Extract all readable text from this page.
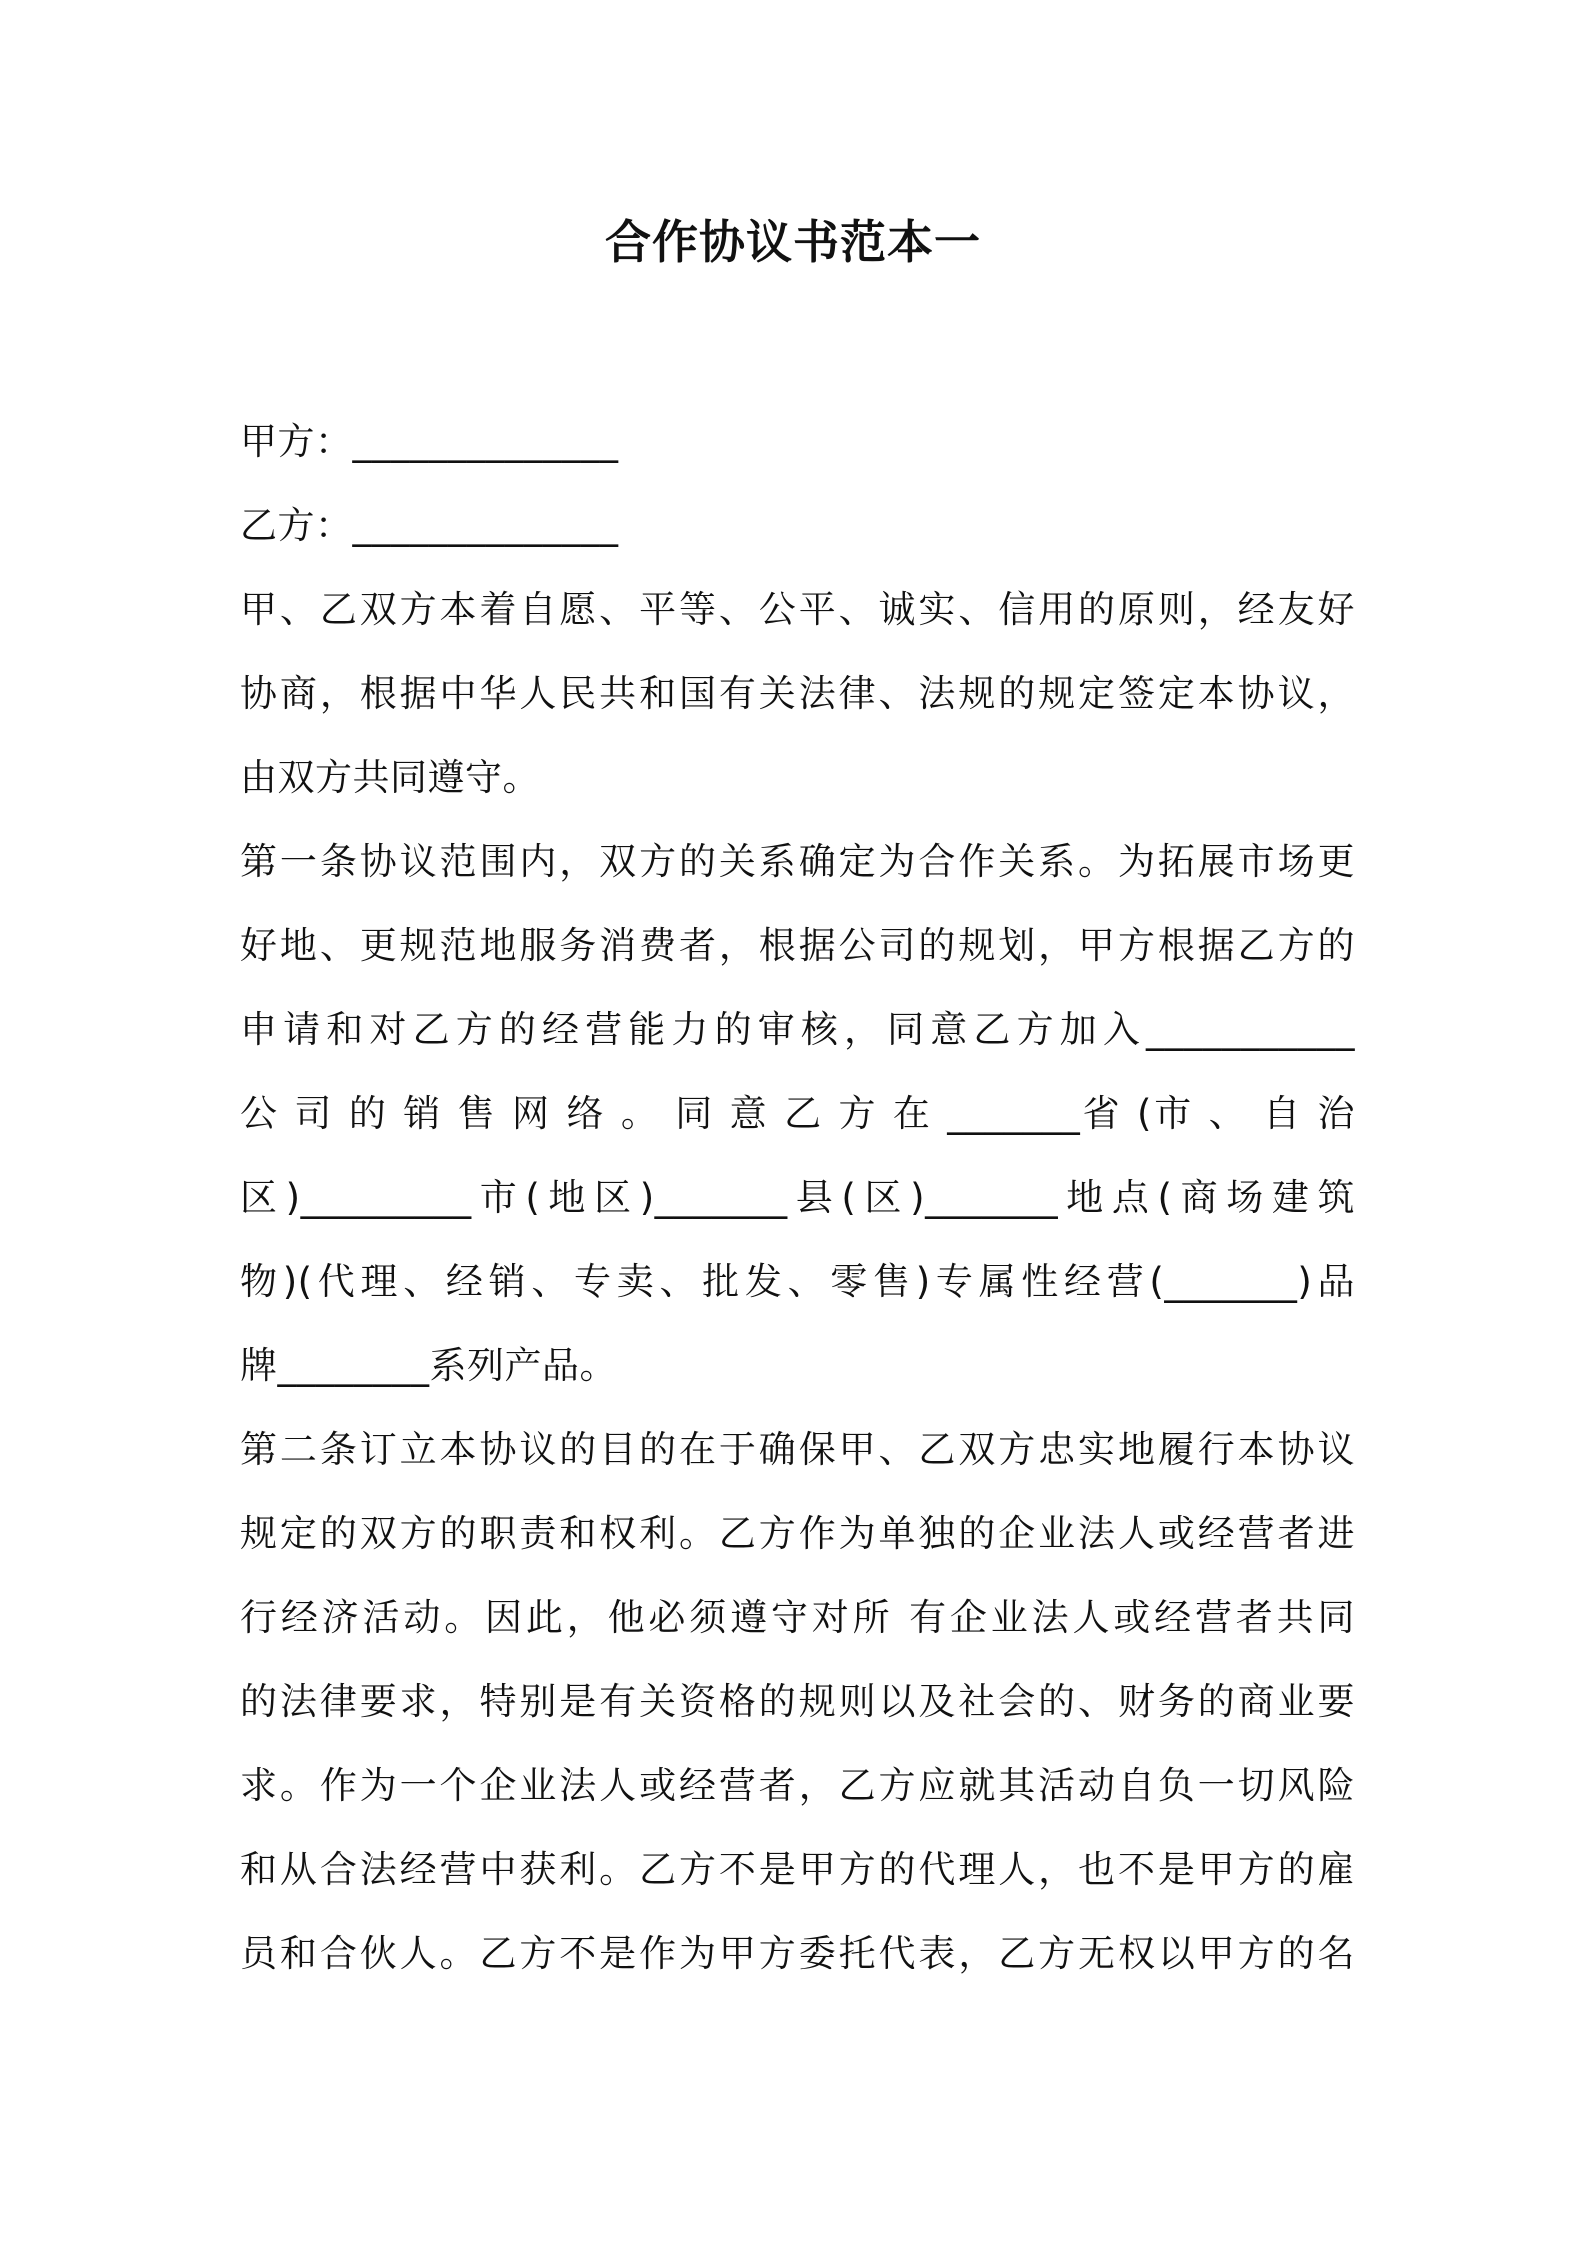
合作协议书范本一
甲方：______________
乙方：______________
甲、乙双方本着自愿、平等、公平、诚实、信用的原则，经友好
协商，根据中华人民共和国有关法律、法规的规定签定本协议，
由双方共同遵守。
第一条协议范围内，双方的关系确定为合作关系。为拓展市场更
好地、更规范地服务消费者，根据公司的规划，甲方根据乙方的
申请和对乙方的经营能力的审核，同意乙方加入___________
公 司 的 销 售 网 络 。 同 意 乙 方 在 _______省 (市 、 自 治
区)_________市(地区)_______县(区)_______地点(商场建筑
物)(代理、经销、专卖、批发、零售)专属性经营(_______)品
牌________系列产品。
第二条订立本协议的目的在于确保甲、乙双方忠实地履行本协议
规定的双方的职责和权利。乙方作为单独的企业法人或经营者进
行经济活动。因此，他必须遵守对所 有企业法人或经营者共同
的法律要求，特别是有关资格的规则以及社会的、财务的商业要
求。作为一个企业法人或经营者，乙方应就其活动自负一切风险
和从合法经营中获利。乙方不是甲方的代理人，也不是甲方的雇
员和合伙人。乙方不是作为甲方委托代表，乙方无权以甲方的名
